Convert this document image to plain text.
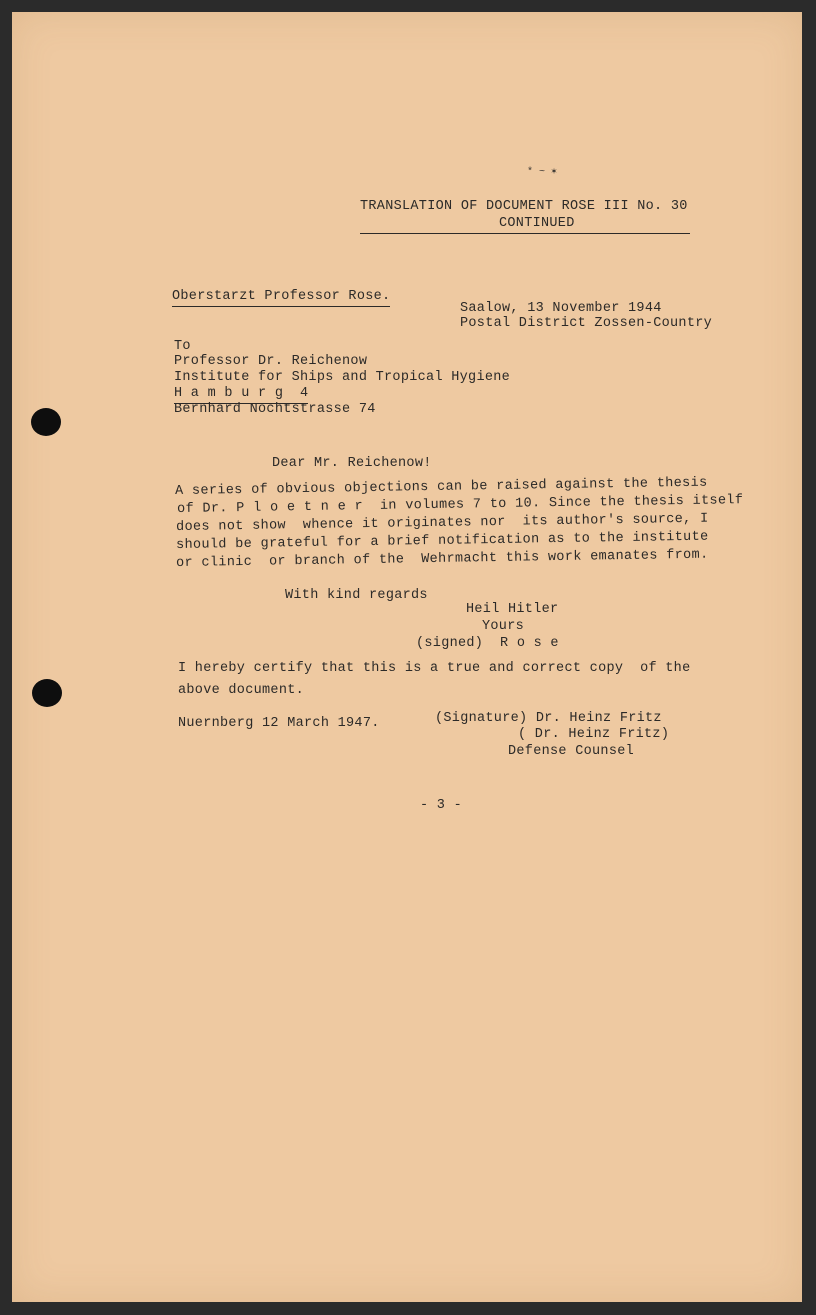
* ~ ✶
TRANSLATION OF DOCUMENT ROSE III No. 30
CONTINUED
Oberstarzt Professor Rose.
Saalow, 13 November 1944
Postal District Zossen-Country
To
Professor Dr. Reichenow
Institute for Ships and Tropical Hygiene
H a m b u r g  4
Bernhard Nochtstrasse 74
Dear Mr. Reichenow!
A series of obvious objections can be raised against the thesis
of Dr. P l o e t n e r  in volumes 7 to 10. Since the thesis itself
does not show  whence it originates nor  its author's source, I
should be grateful for a brief notification as to the institute
or clinic  or branch of the  Wehrmacht this work emanates from.
With kind regards
Heil Hitler
Yours
(signed)  R o s e
I hereby certify that this is a true and correct copy  of the
above document.
Nuernberg 12 March 1947.	(Signature) Dr. Heinz Fritz
( Dr. Heinz Fritz)
Defense Counsel
- 3 -
